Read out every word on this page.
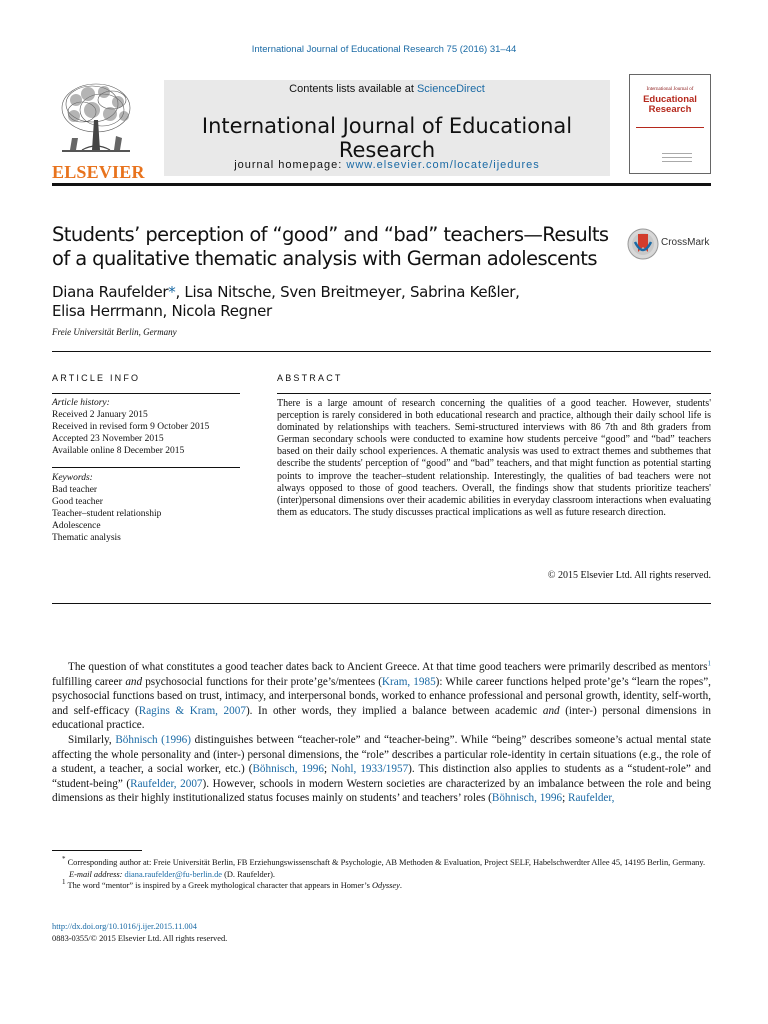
International Journal of Educational Research 75 (2016) 31–44
ELSEVIER
Contents lists available at ScienceDirect
International Journal of Educational Research
journal homepage: www.elsevier.com/locate/ijedures
International Journal of
Educational
Research
Students’ perception of “good” and “bad” teachers—Results of a qualitative thematic analysis with German adolescents
CrossMark
Diana Raufelder*, Lisa Nitsche, Sven Breitmeyer, Sabrina Keßler,
Elisa Herrmann, Nicola Regner
Freie Universität Berlin, Germany
ARTICLE INFO	ABSTRACT
Article history:
Received 2 January 2015
Received in revised form 9 October 2015
Accepted 23 November 2015
Available online 8 December 2015
Keywords:
Bad teacher
Good teacher
Teacher–student relationship
Adolescence
Thematic analysis
There is a large amount of research concerning the qualities of a good teacher. However, students' perception is rarely considered in both educational research and practice, although their daily school life is dominated by relationships with teachers. Semi-structured interviews with 86 7th and 8th graders from German secondary schools were conducted to examine how students perceive “good” and “bad” teachers based on their daily school experiences. A thematic analysis was used to extract themes and subthemes that describe the students' perception of “good” and “bad” teachers, and that might function as potential starting points to improve the teacher–student relationship. Interestingly, the qualities of bad teachers were not always opposed to those of good teachers. Overall, the findings show that students prioritize teachers' (inter)personal dimensions over their academic abilities in everyday classroom interactions when evaluating them as educators. The study discusses practical implications as well as future research direction.
© 2015 Elsevier Ltd. All rights reserved.

The question of what constitutes a good teacher dates back to Ancient Greece. At that time good teachers were primarily described as mentors$^1$ fulfilling career and psychosocial functions for their prote’ge’s/mentees (Kram, 1985): While career functions helped prote’ge’s “learn the ropes”, psychosocial functions based on trust, intimacy, and interpersonal bonds, worked to enhance professional and personal growth, identity, self-worth, and self-efficacy (Ragins & Kram, 2007). In other words, they implied a balance between academic and (inter-) personal dimensions in educational practice.

Similarly, Böhnisch (1996) distinguishes between “teacher-role” and “teacher-being”. While “being” describes someone’s actual mental state affecting the whole personality and (inter-) personal dimensions, the “role” describes a particular role-identity in certain situations (e.g., the role of a student, a teacher, a social worker, etc.) (Böhnisch, 1996; Nohl, 1933/1957). This distinction also applies to students as a “student-role” and “student-being” (Raufelder, 2007). However, schools in modern Western societies are characterized by an imbalance between the role and being dimensions as their highly institutionalized status focuses mainly on students’ and teachers’ roles (Böhnisch, 1996; Raufelder,

* Corresponding author at: Freie Universität Berlin, FB Erziehungswissenschaft & Psychologie, AB Methoden & Evaluation, Project SELF, Habelschwerdter Allee 45, 14195 Berlin, Germany.
E-mail address: diana.raufelder@fu-berlin.de (D. Raufelder).
$^1$ The word “mentor” is inspired by a Greek mythological character that appears in Homer’s Odyssey.
http://dx.doi.org/10.1016/j.ijer.2015.11.004
0883-0355/© 2015 Elsevier Ltd. All rights reserved.
